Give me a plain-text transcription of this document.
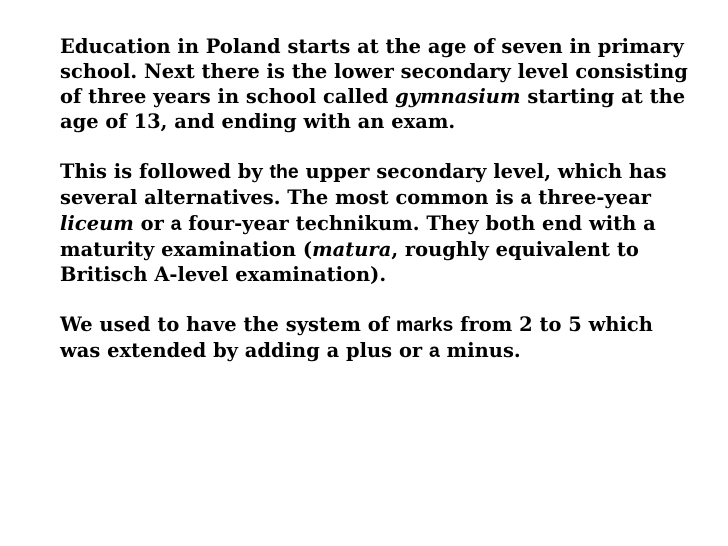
Education in Poland starts at the age of seven in primary school. Next there is the lower secondary level consisting of three years in school called gymnasium starting at the age of 13, and ending with an exam.

This is followed by the upper secondary level, which has several alternatives. The most common is a three-year liceum or a four-year technikum. They both end with a maturity examination (matura, roughly equivalent to Britisch A-level examination).

We used to have the system of marks from 2 to 5 which was extended by adding a plus or a minus.
